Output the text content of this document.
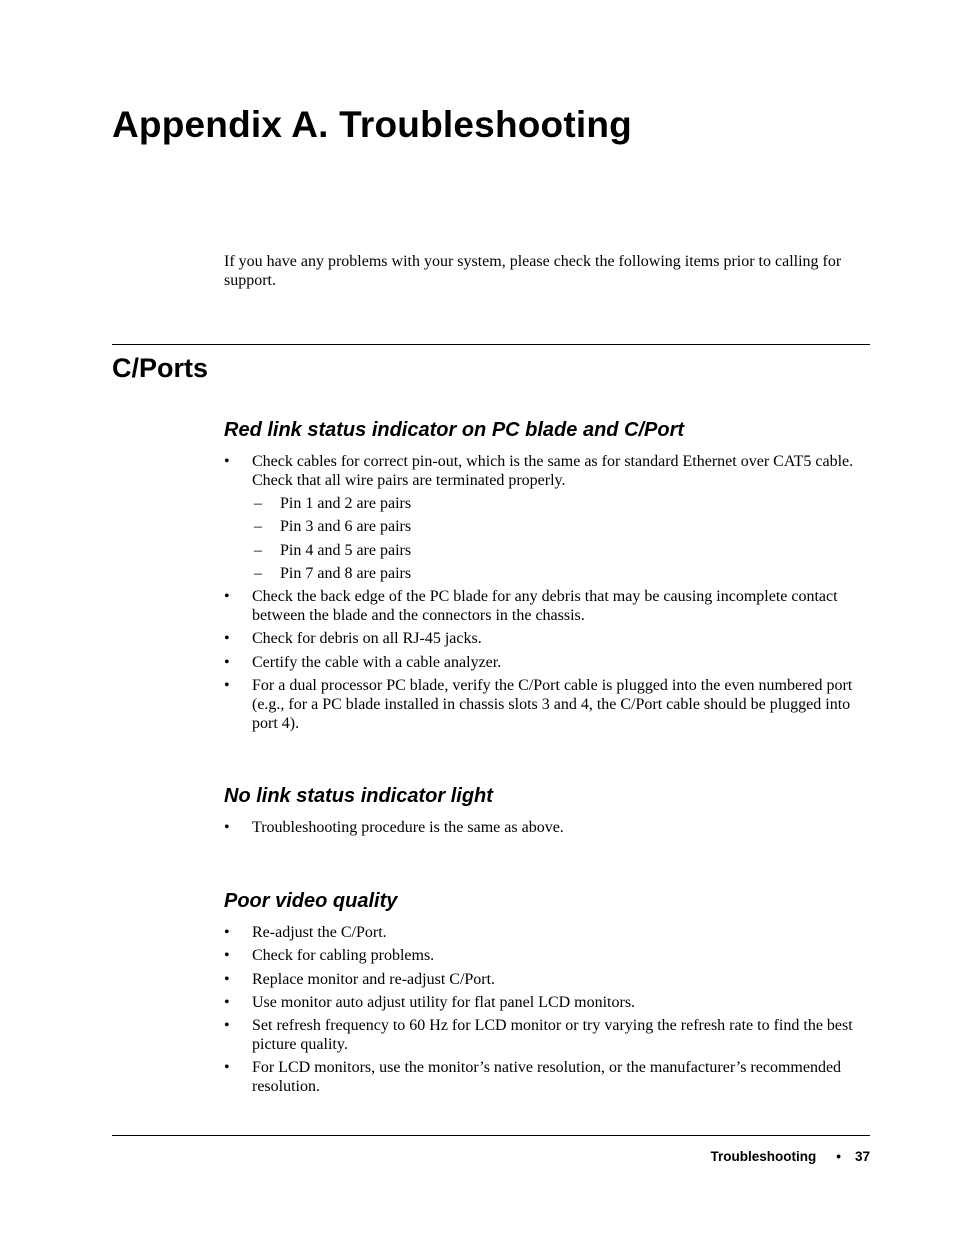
Appendix A. Troubleshooting

If you have any problems with your system, please check the following items prior to calling for support.

C/Ports
Red link status indicator on PC blade and C/Port
• Check cables for correct pin-out, which is the same as for standard Ethernet over CAT5 cable. Check that all wire pairs are terminated properly.
– Pin 1 and 2 are pairs
– Pin 3 and 6 are pairs
– Pin 4 and 5 are pairs
– Pin 7 and 8 are pairs
• Check the back edge of the PC blade for any debris that may be causing incomplete contact between the blade and the connectors in the chassis.
• Check for debris on all RJ-45 jacks.
• Certify the cable with a cable analyzer.
• For a dual processor PC blade, verify the C/Port cable is plugged into the even numbered port (e.g., for a PC blade installed in chassis slots 3 and 4, the C/Port cable should be plugged into port 4).
No link status indicator light
• Troubleshooting procedure is the same as above.
Poor video quality
• Re-adjust the C/Port.
• Check for cabling problems.
• Replace monitor and re-adjust C/Port.
• Use monitor auto adjust utility for flat panel LCD monitors.
• Set refresh frequency to 60 Hz for LCD monitor or try varying the refresh rate to find the best picture quality.
• For LCD monitors, use the monitor’s native resolution, or the manufacturer’s recommended resolution.
Troubleshooting • 37
